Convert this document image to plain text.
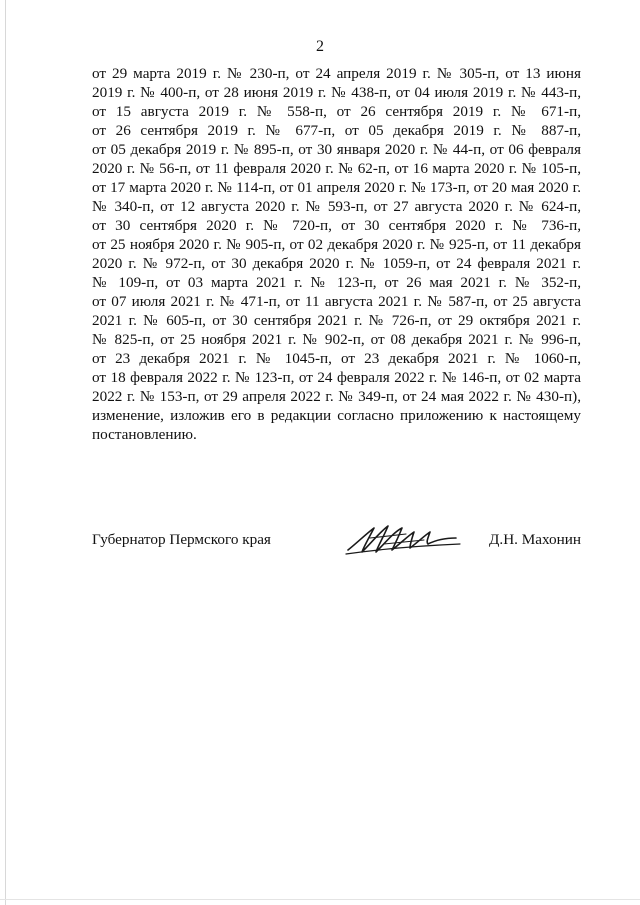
2
от 29 марта 2019 г. № 230-п, от 24 апреля 2019 г. № 305-п, от 13 июня
2019 г. № 400-п, от 28 июня 2019 г. № 438-п, от 04 июля 2019 г. № 443-п,
от 15 августа 2019 г. № 558-п, от 26 сентября 2019 г. № 671-п,
от 26 сентября 2019 г. № 677-п, от 05 декабря 2019 г. № 887-п,
от 05 декабря 2019 г. № 895-п, от 30 января 2020 г. № 44-п, от 06 февраля
2020 г. № 56-п, от 11 февраля 2020 г. № 62-п, от 16 марта 2020 г. № 105-п,
от 17 марта 2020 г. № 114-п, от 01 апреля 2020 г. № 173-п, от 20 мая 2020 г.
№ 340-п, от 12 августа 2020 г. № 593-п, от 27 августа 2020 г. № 624-п,
от 30 сентября 2020 г. № 720-п, от 30 сентября 2020 г. № 736-п,
от 25 ноября 2020 г. № 905-п, от 02 декабря 2020 г. № 925-п, от 11 декабря
2020 г. № 972-п, от 30 декабря 2020 г. № 1059-п, от 24 февраля 2021 г.
№ 109-п, от 03 марта 2021 г. № 123-п, от 26 мая 2021 г. № 352-п,
от 07 июля 2021 г. № 471-п, от 11 августа 2021 г. № 587-п, от 25 августа
2021 г. № 605-п, от 30 сентября 2021 г. № 726-п, от 29 октября 2021 г.
№ 825-п, от 25 ноября 2021 г. № 902-п, от 08 декабря 2021 г. № 996-п,
от 23 декабря 2021 г. № 1045-п, от 23 декабря 2021 г. № 1060-п,
от 18 февраля 2022 г. № 123-п, от 24 февраля 2022 г. № 146-п, от 02 марта
2022 г. № 153-п, от 29 апреля 2022 г. № 349-п, от 24 мая 2022 г. № 430-п),
изменение, изложив его в редакции согласно приложению к настоящему
постановлению.
Губернатор Пермского края	Д.Н. Махонин
